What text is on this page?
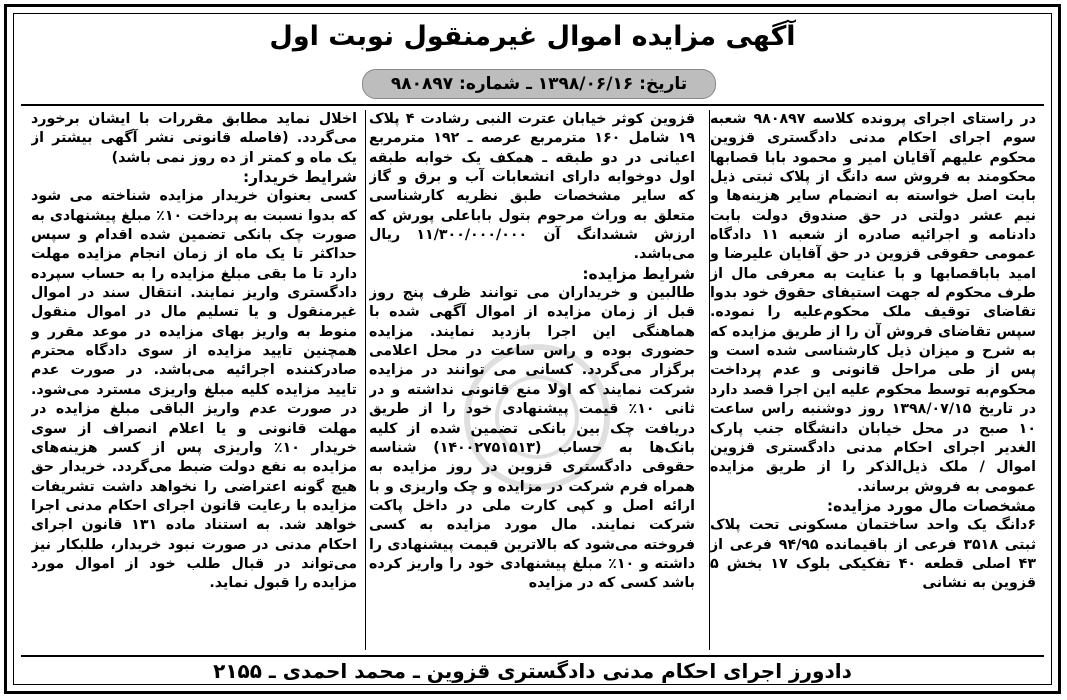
آگهی مزایده اموال غیرمنقول نوبت اول
تاریخ: ۱۳۹۸/۰۶/۱۶ ـ شماره: ۹۸۰۸۹۷

در راستای اجرای پرونده کلاسه ۹۸۰۸۹۷ شعبه سوم اجرای احکام مدنی دادگستری قزوین محکوم علیهم آقایان امیر و محمود بابا قصابها محکومند به فروش سه دانگ از پلاک ثبتی ذیل بابت اصل خواسته به انضمام سایر هزینه‌ها و نیم عشر دولتی در حق صندوق دولت بابت دادنامه و اجرائیه صادره از شعبه ۱۱ دادگاه عمومی حقوقی قزوین در حق آقایان علیرضا و امید باباقصابها و با عنایت به معرفی مال از طرف محکوم له جهت استیفای حقوق خود بدوا تقاضای توقیف ملک محکوم‌علیه را نموده. سپس تقاضای فروش آن را از طریق مزایده که به شرح و میزان ذیل کارشناسی شده است و پس از طی مراحل قانونی و عدم پرداخت محکوم‌به توسط محکوم علیه این اجرا قصد دارد در تاریخ ۱۳۹۸/۰۷/۱۵ روز دوشنبه راس ساعت ۱۰ صبح در محل خیابان دانشگاه جنب پارک الغدیر اجرای احکام مدنی دادگستری قزوین اموال / ملک ذیل‌الذکر را از طریق مزایده عمومی به فروش برساند.

مشخصات مال مورد مزایده:

۶دانگ یک واحد ساختمان مسکونی تحت پلاک ثبتی ۳۵۱۸ فرعی از باقیمانده ۹۴/۹۵ فرعی از ۴۳ اصلی قطعه ۴۰ تفکیکی بلوک ۱۷ بخش ۵ قزوین به نشانی

قزوین کوثر خیابان عترت النبی رشادت ۴ پلاک ۱۹ شامل ۱۶۰ مترمربع عرصه ـ ۱۹۲ مترمربع اعیانی در دو طبقه ـ همکف یک خوابه طبقه اول دوخوابه دارای انشعابات آب و برق و گاز که سایر مشخصات طبق نظریه کارشناسی متعلق به وراث مرحوم بتول باباعلی پورش که ارزش ششدانگ آن ۱۱/۳۰۰/۰۰۰/۰۰۰ ریال می‌باشد.

شرایط مزایده:

طالبین و خریداران می توانند ظرف پنج روز قبل از زمان مزایده از اموال آگهی شده با هماهنگی این اجرا بازدید نمایند. مزایده حضوری بوده و راس ساعت در محل اعلامی برگزار می‌گردد. کسانی می توانند در مزایده شرکت نمایند که اولا منع قانونی نداشته و در ثانی ۱۰٪ قیمت پیشنهادی خود را از طریق دریافت چک بین بانکی تضمین شده از کلیه بانک‌ها به حساب (۱۴۰۰۲۷۵۱۵۱۳) شناسه حقوقی دادگستری قزوین در روز مزایده به همراه فرم شرکت در مزایده و چک واریزی و با ارائه اصل و کپی کارت ملی در داخل پاکت شرکت نمایند. مال مورد مزایده به کسی فروخته می‌شود که بالاترین قیمت پیشنهادی را داشته و ۱۰٪ مبلغ پیشنهادی خود را واریز کرده باشد کسی که در مزایده

اخلال نماید مطابق مقررات با ایشان برخورد می‌گردد. (فاصله قانونی نشر آگهی بیشتر از یک ماه و کمتر از ده روز نمی باشد)

شرایط خریدار:

کسی بعنوان خریدار مزایده شناخته می شود که بدوا نسبت به پرداخت ۱۰٪ مبلغ پیشنهادی به صورت چک بانکی تضمین شده اقدام و سپس حداکثر تا یک ماه از زمان انجام مزایده مهلت دارد تا ما بقی مبلغ مزایده را به حساب سپرده دادگستری واریز نمایند. انتقال سند در اموال غیرمنقول و یا تسلیم مال در اموال منقول منوط به واریز بهای مزایده در موعد مقرر و همچنین تایید مزایده از سوی دادگاه محترم صادرکننده اجرائیه می‌باشد. در صورت عدم تایید مزایده کلیه مبلغ واریزی مسترد می‌شود. در صورت عدم واریز الباقی مبلغ مزایده در مهلت قانونی و یا اعلام انصراف از سوی خریدار ۱۰٪ واریزی پس از کسر هزینه‌های مزایده به نفع دولت ضبط می‌گردد. خریدار حق هیچ گونه اعتراضی را نخواهد داشت تشریفات مزایده با رعایت قانون اجرای احکام مدنی اجرا خواهد شد. به استناد ماده ۱۳۱ قانون اجرای احکام مدنی در صورت نبود خریدار، طلبکار نیز می‌تواند در قبال طلب خود از اموال مورد مزایده را قبول نماید.

دادورز اجرای احکام مدنی دادگستری قزوین ـ محمد احمدی ـ ۲۱۵۵
